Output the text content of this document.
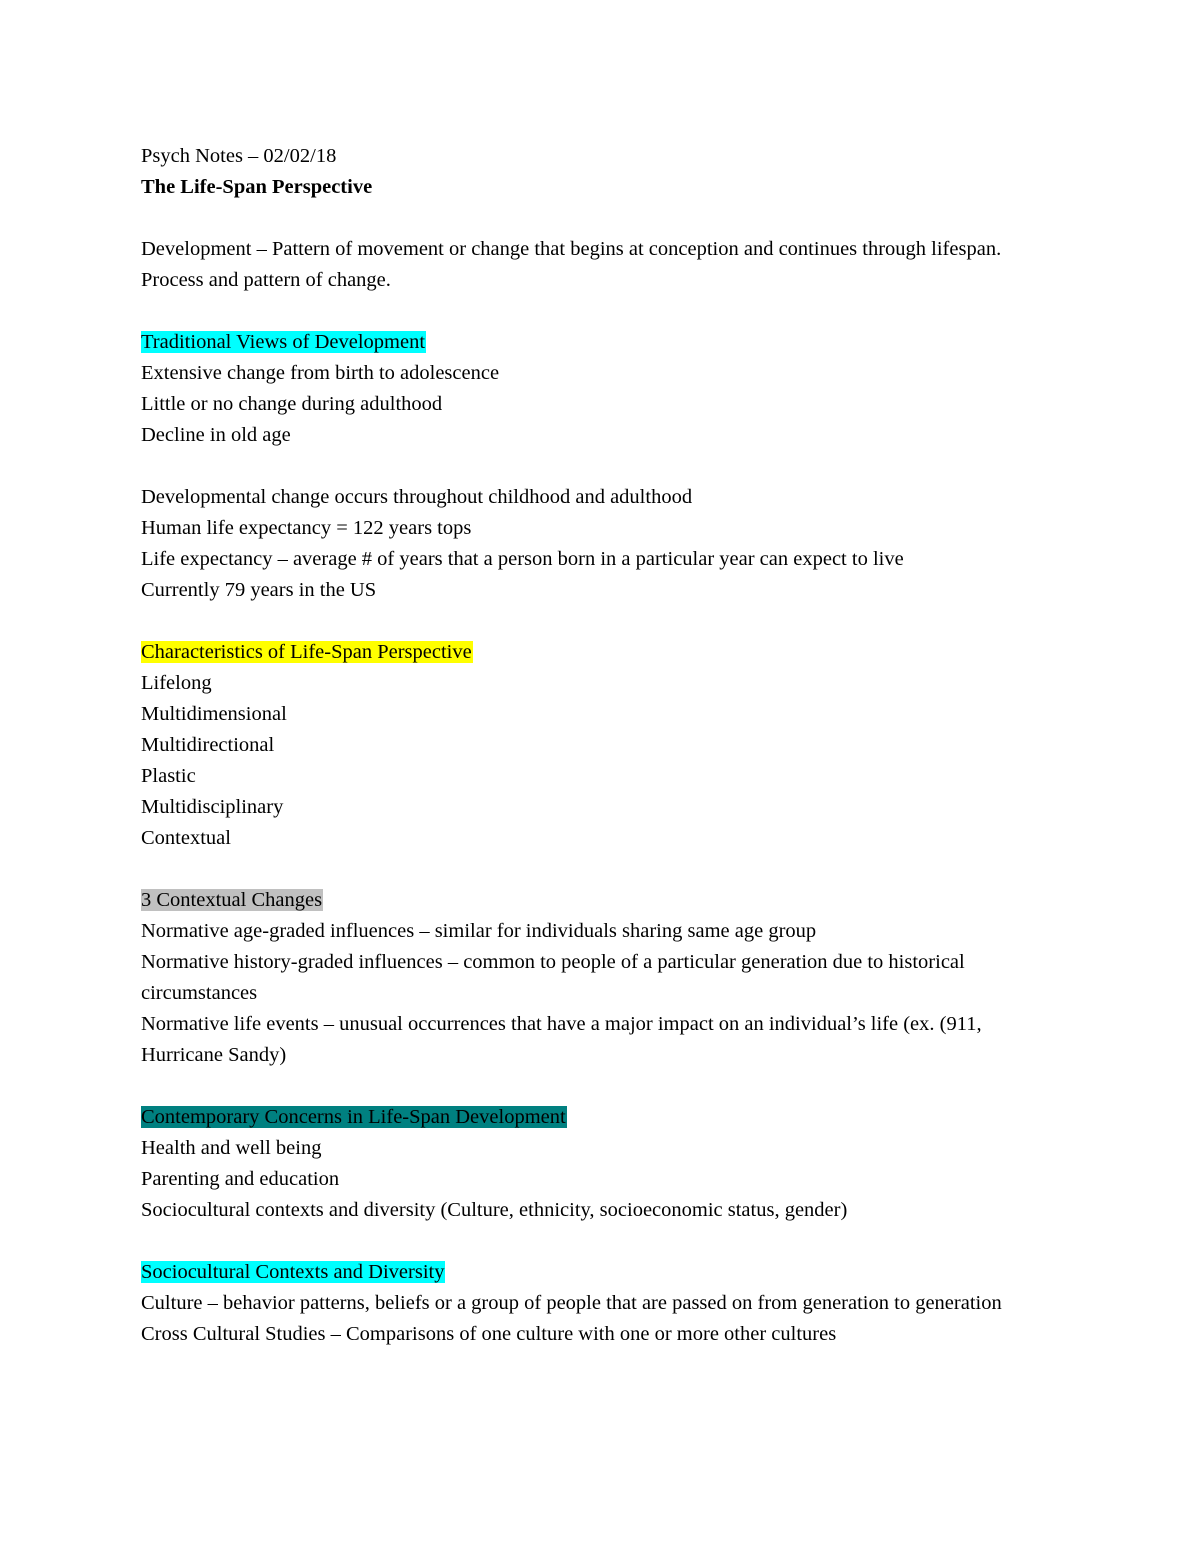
Psych Notes – 02/02/18

The Life-Span Perspective

Development – Pattern of movement or change that begins at conception and continues through lifespan.

Process and pattern of change.

Traditional Views of Development

Extensive change from birth to adolescence

Little or no change during adulthood

Decline in old age

Developmental change occurs throughout childhood and adulthood

Human life expectancy = 122 years tops

Life expectancy – average # of years that a person born in a particular year can expect to live

Currently 79 years in the US

Characteristics of Life-Span Perspective

Lifelong

Multidimensional

Multidirectional

Plastic

Multidisciplinary

Contextual

3 Contextual Changes

Normative age-graded influences – similar for individuals sharing same age group

Normative history-graded influences – common to people of a particular generation due to historical circumstances

Normative life events – unusual occurrences that have a major impact on an individual’s life (ex. (911, Hurricane Sandy)

Contemporary Concerns in Life-Span Development

Health and well being

Parenting and education

Sociocultural contexts and diversity (Culture, ethnicity, socioeconomic status, gender)

Sociocultural Contexts and Diversity

Culture – behavior patterns, beliefs or a group of people that are passed on from generation to generation

Cross Cultural Studies – Comparisons of one culture with one or more other cultures
